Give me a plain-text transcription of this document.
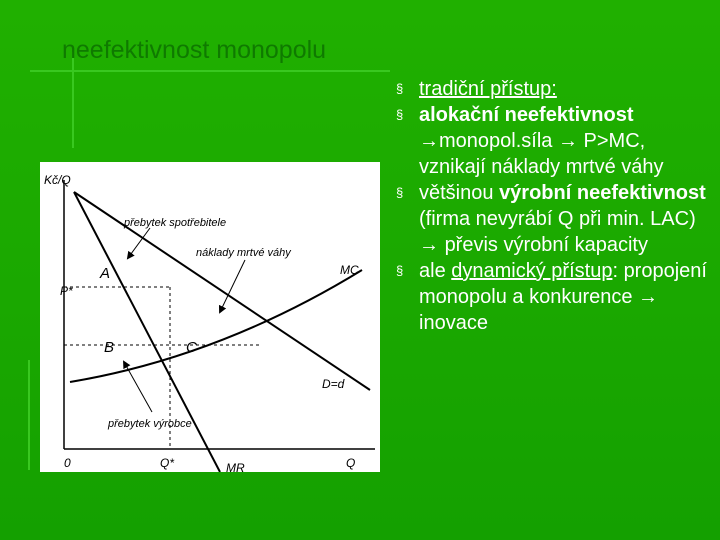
neefektivnost monopolu
Kč/Q
Q
0
přebytek spotřebitele
náklady mrtvé váhy
přebytek výrobce
A
B	C
P*
Q*
MC
D=d
MR
§ tradiční přístup:
§ alokační neefektivnost
→monopol.síla → P>MC, vznikají náklady mrtvé váhy
§ většinou výrobní neefektivnost (firma nevyrábí Q při min. LAC) → převis výrobní kapacity
§ ale dynamický přístup: propojení monopolu a konkurence → inovace
